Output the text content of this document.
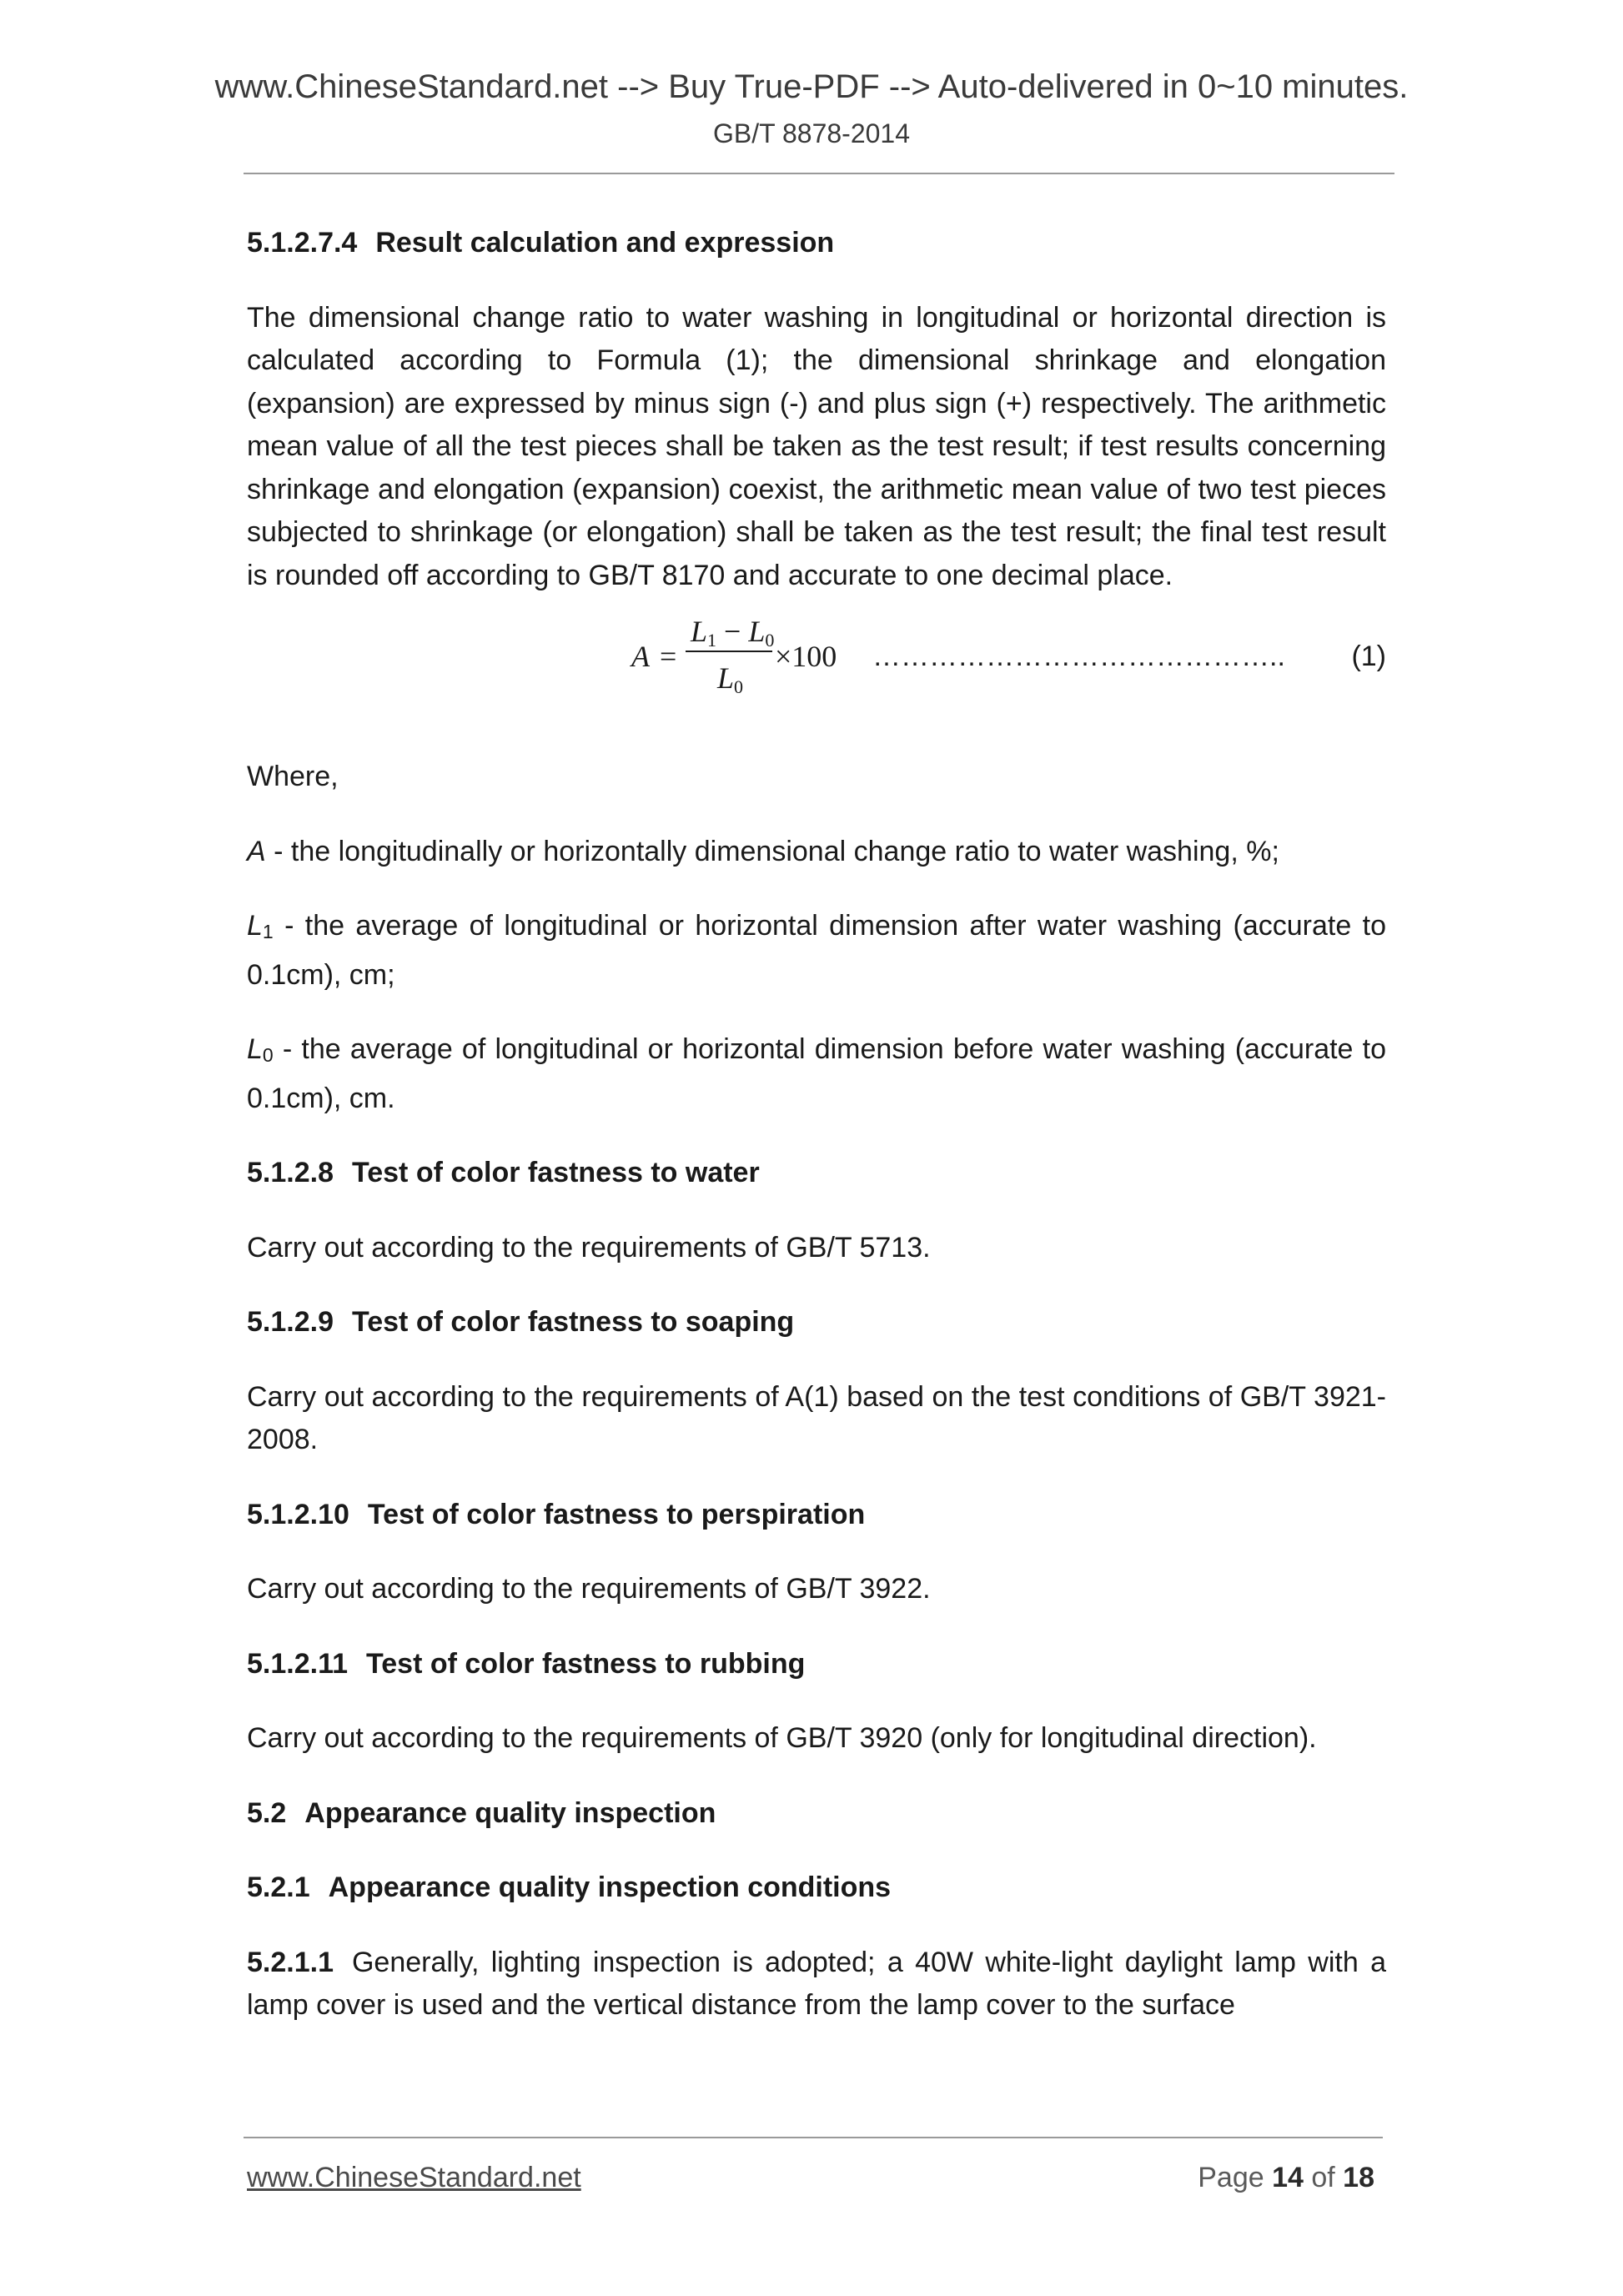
www.ChineseStandard.net --> Buy True-PDF --> Auto-delivered in 0~10 minutes.
GB/T 8878-2014
5.1.2.7.4 Result calculation and expression

The dimensional change ratio to water washing in longitudinal or horizontal direction is calculated according to Formula (1); the dimensional shrinkage and elongation (expansion) are expressed by minus sign (-) and plus sign (+) respectively. The arithmetic mean value of all the test pieces shall be taken as the test result; if test results concerning shrinkage and elongation (expansion) coexist, the arithmetic mean value of two test pieces subjected to shrinkage (or elongation) shall be taken as the test result; the final test result is rounded off according to GB/T 8170 and accurate to one decimal place.

A =
$L_1 - L_0$
$L_0$
×100 …………………………………….. (1)

Where,

A - the longitudinally or horizontally dimensional change ratio to water washing, %;

$L_1$ - the average of longitudinal or horizontal dimension after water washing (accurate to 0.1cm), cm;

$L_0$ - the average of longitudinal or horizontal dimension before water washing (accurate to 0.1cm), cm.

5.1.2.8 Test of color fastness to water

Carry out according to the requirements of GB/T 5713.

5.1.2.9 Test of color fastness to soaping

Carry out according to the requirements of A(1) based on the test conditions of GB/T 3921-2008.

5.1.2.10 Test of color fastness to perspiration

Carry out according to the requirements of GB/T 3922.

5.1.2.11 Test of color fastness to rubbing

Carry out according to the requirements of GB/T 3920 (only for longitudinal direction).

5.2 Appearance quality inspection
5.2.1 Appearance quality inspection conditions

5.2.1.1 Generally, lighting inspection is adopted; a 40W white-light daylight lamp with a lamp cover is used and the vertical distance from the lamp cover to the surface

www.ChineseStandard.net	Page 14 of 18
